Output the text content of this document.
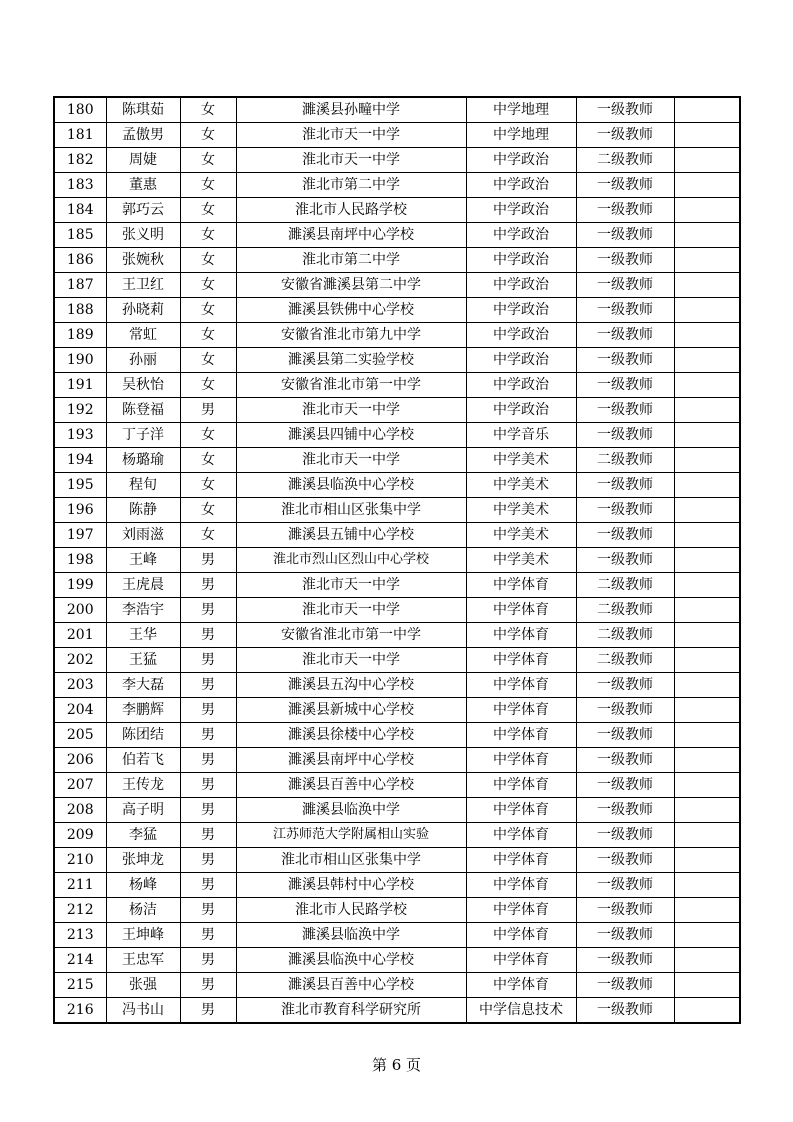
180	陈琪茹	女	濉溪县孙疃中学	中学地理	一级教师	
181	孟傲男	女	淮北市天一中学	中学地理	一级教师	
182	周婕	女	淮北市天一中学	中学政治	二级教师	
183	董惠	女	淮北市第二中学	中学政治	一级教师	
184	郭巧云	女	淮北市人民路学校	中学政治	一级教师	
185	张义明	女	濉溪县南坪中心学校	中学政治	一级教师	
186	张婉秋	女	淮北市第二中学	中学政治	一级教师	
187	王卫红	女	安徽省濉溪县第二中学	中学政治	一级教师	
188	孙晓莉	女	濉溪县铁佛中心学校	中学政治	一级教师	
189	常虹	女	安徽省淮北市第九中学	中学政治	一级教师	
190	孙丽	女	濉溪县第二实验学校	中学政治	一级教师	
191	吴秋怡	女	安徽省淮北市第一中学	中学政治	一级教师	
192	陈登福	男	淮北市天一中学	中学政治	一级教师	
193	丁子洋	女	濉溪县四铺中心学校	中学音乐	一级教师	
194	杨璐瑜	女	淮北市天一中学	中学美术	二级教师	
195	程旬	女	濉溪县临涣中心学校	中学美术	一级教师	
196	陈静	女	淮北市相山区张集中学	中学美术	一级教师	
197	刘雨滋	女	濉溪县五铺中心学校	中学美术	一级教师	
198	王峰	男	淮北市烈山区烈山中心学校	中学美术	一级教师	
199	王虎晨	男	淮北市天一中学	中学体育	二级教师	
200	李浩宇	男	淮北市天一中学	中学体育	二级教师	
201	王华	男	安徽省淮北市第一中学	中学体育	二级教师	
202	王猛	男	淮北市天一中学	中学体育	二级教师	
203	李大磊	男	濉溪县五沟中心学校	中学体育	一级教师	
204	李鹏辉	男	濉溪县新城中心学校	中学体育	一级教师	
205	陈团结	男	濉溪县徐楼中心学校	中学体育	一级教师	
206	伯若飞	男	濉溪县南坪中心学校	中学体育	一级教师	
207	王传龙	男	濉溪县百善中心学校	中学体育	一级教师	
208	高子明	男	濉溪县临涣中学	中学体育	一级教师	
209	李猛	男	江苏师范大学附属相山实验	中学体育	一级教师	
210	张坤龙	男	淮北市相山区张集中学	中学体育	一级教师	
211	杨峰	男	濉溪县韩村中心学校	中学体育	一级教师	
212	杨洁	男	淮北市人民路学校	中学体育	一级教师	
213	王坤峰	男	濉溪县临涣中学	中学体育	一级教师	
214	王忠军	男	濉溪县临涣中心学校	中学体育	一级教师	
215	张强	男	濉溪县百善中心学校	中学体育	一级教师	
216	冯书山	男	淮北市教育科学研究所	中学信息技术	一级教师	
第 6 页
